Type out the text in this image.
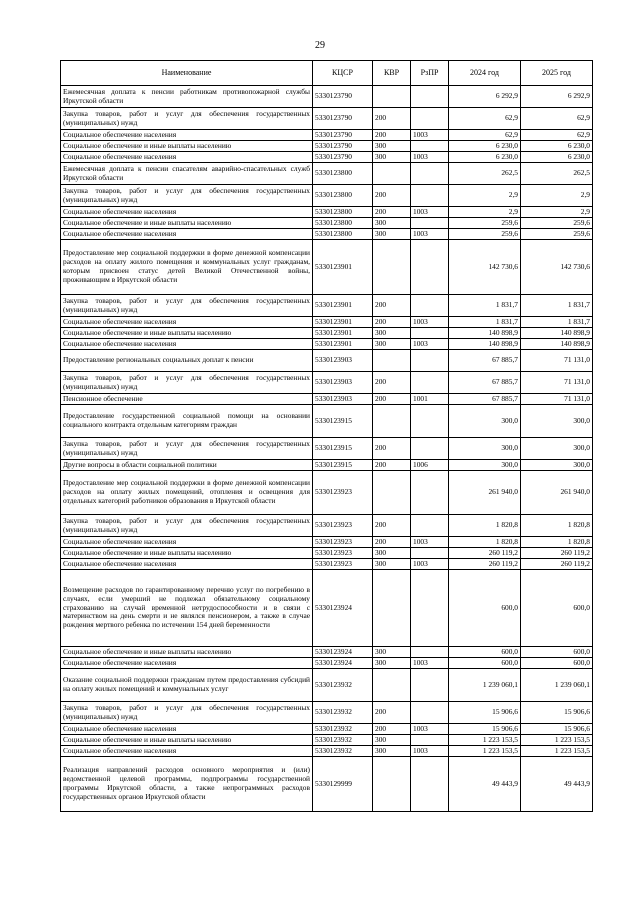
29
Наименование	КЦСР	КВР	РзПР	2024 год	2025 год
Ежемесячная доплата к пенсии работникам противопожарной службы Иркутской области	5330123790			6 292,9	6 292,9
Закупка товаров, работ и услуг для обеспечения государственных (муниципальных) нужд	5330123790	200		62,9	62,9
Социальное обеспечение населения	5330123790	200	1003	62,9	62,9
Социальное обеспечение и иные выплаты населению	5330123790	300		6 230,0	6 230,0
Социальное обеспечение населения	5330123790	300	1003	6 230,0	6 230,0
Ежемесячная доплата к пенсии спасателям аварийно-спасательных служб Иркутской области	5330123800			262,5	262,5
Закупка товаров, работ и услуг для обеспечения государственных (муниципальных) нужд	5330123800	200		2,9	2,9
Социальное обеспечение населения	5330123800	200	1003	2,9	2,9
Социальное обеспечение и иные выплаты населению	5330123800	300		259,6	259,6
Социальное обеспечение населения	5330123800	300	1003	259,6	259,6
Предоставление мер социальной поддержки в форме денежной компенсации расходов на оплату жилого помещения и коммунальных услуг гражданам, которым присвоен статус детей Великой Отечественной войны, проживающим в Иркутской области	5330123901			142 730,6	142 730,6
Закупка товаров, работ и услуг для обеспечения государственных (муниципальных) нужд	5330123901	200		1 831,7	1 831,7
Социальное обеспечение населения	5330123901	200	1003	1 831,7	1 831,7
Социальное обеспечение и иные выплаты населению	5330123901	300		140 898,9	140 898,9
Социальное обеспечение населения	5330123901	300	1003	140 898,9	140 898,9
Предоставление региональных социальных доплат к пенсии	5330123903			67 885,7	71 131,0
Закупка товаров, работ и услуг для обеспечения государственных (муниципальных) нужд	5330123903	200		67 885,7	71 131,0
Пенсионное обеспечение	5330123903	200	1001	67 885,7	71 131,0
Предоставление государственной социальной помощи на основании социального контракта отдельным категориям граждан	5330123915			300,0	300,0
Закупка товаров, работ и услуг для обеспечения государственных (муниципальных) нужд	5330123915	200		300,0	300,0
Другие вопросы в области социальной политики	5330123915	200	1006	300,0	300,0
Предоставление мер социальной поддержки в форме денежной компенсации расходов на оплату жилых помещений, отопления и освещения для отдельных категорий работников образования в Иркутской области	5330123923			261 940,0	261 940,0
Закупка товаров, работ и услуг для обеспечения государственных (муниципальных) нужд	5330123923	200		1 820,8	1 820,8
Социальное обеспечение населения	5330123923	200	1003	1 820,8	1 820,8
Социальное обеспечение и иные выплаты населению	5330123923	300		260 119,2	260 119,2
Социальное обеспечение населения	5330123923	300	1003	260 119,2	260 119,2
Возмещение расходов по гарантированному перечню услуг по погребению в случаях, если умерший не подлежал обязательному социальному страхованию на случай временной нетрудоспособности и в связи с материнством на день смерти и не являлся пенсионером, а также в случае рождения мертвого ребенка по истечении 154 дней беременности	5330123924			600,0	600,0
Социальное обеспечение и иные выплаты населению	5330123924	300		600,0	600,0
Социальное обеспечение населения	5330123924	300	1003	600,0	600,0
Оказание социальной поддержки гражданам путем предоставления субсидий на оплату жилых помещений и коммунальных услуг	5330123932			1 239 060,1	1 239 060,1
Закупка товаров, работ и услуг для обеспечения государственных (муниципальных) нужд	5330123932	200		15 906,6	15 906,6
Социальное обеспечение населения	5330123932	200	1003	15 906,6	15 906,6
Социальное обеспечение и иные выплаты населению	5330123932	300		1 223 153,5	1 223 153,5
Социальное обеспечение населения	5330123932	300	1003	1 223 153,5	1 223 153,5
Реализация направлений расходов основного мероприятия и (или) ведомственной целевой программы, подпрограммы государственной программы Иркутской области, а также непрограммных расходов государственных органов Иркутской области	5330129999			49 443,9	49 443,9
